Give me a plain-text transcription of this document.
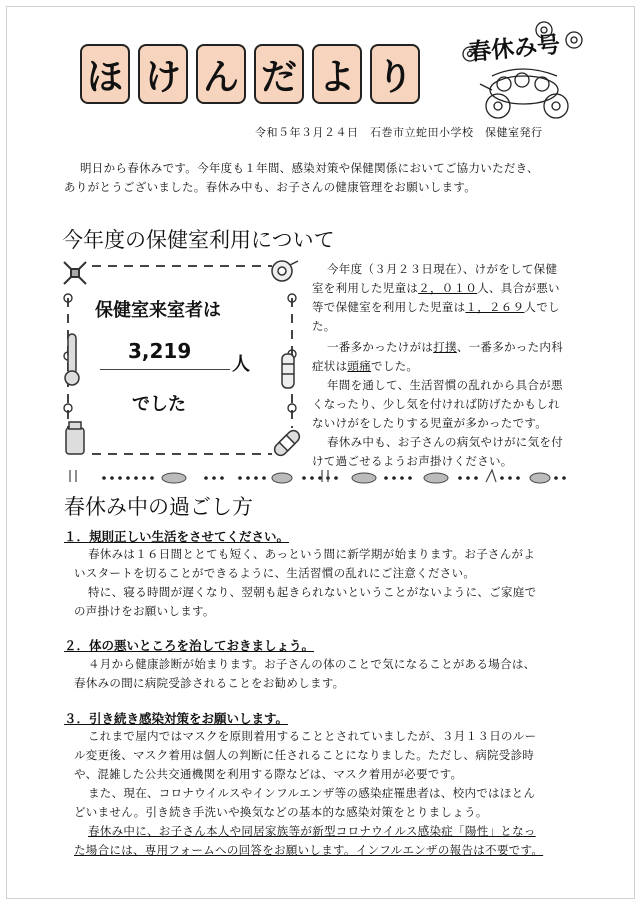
ほ け ん だ よ り
春休み号
令和５年３月２４日　石巻市立蛇田小学校　保健室発行
明日から春休みです。今年度も１年間、感染対策や保健関係においてご協力いただき、
ありがとうございました。春休み中も、お子さんの健康管理をお願いします。
今年度の保健室利用について
保健室来室者は
3,219
人
でした
今年度（３月２３日現在）、けがをして保健
室を利用した児童は２，０１０人、具合が悪い
等で保健室を利用した児童は１，２６９人でし
た。
一番多かったけがは打撲、一番多かった内科
症状は頭痛でした。
年間を通して、生活習慣の乱れから具合が悪
くなったり、少し気を付ければ防げたかもしれ
ないけがをしたりする児童が多かったです。
春休み中も、お子さんの病気やけがに気を付
けて過ごせるようお声掛けください。
春休み中の過ごし方
１．規則正しい生活をさせてください。
春休みは１６日間ととても短く、あっという間に新学期が始まります。お子さんがよ
いスタートを切ることができるように、生活習慣の乱れにご注意ください。
特に、寝る時間が遅くなり、翌朝も起きられないということがないように、ご家庭で
の声掛けをお願いします。
２．体の悪いところを治しておきましょう。
４月から健康診断が始まります。お子さんの体のことで気になることがある場合は、
春休みの間に病院受診されることをお勧めします。
３．引き続き感染対策をお願いします。
これまで屋内ではマスクを原則着用することとされていましたが、３月１３日のルー
ル変更後、マスク着用は個人の判断に任されることになりました。ただし、病院受診時
や、混雑した公共交通機関を利用する際などは、マスク着用が必要です。
また、現在、コロナウイルスやインフルエンザ等の感染症罹患者は、校内ではほとん
どいません。引き続き手洗いや換気などの基本的な感染対策をとりましょう。
春休み中に、お子さん本人や同居家族等が新型コロナウイルス感染症「陽性」となっ
た場合には、専用フォームへの回答をお願いします。インフルエンザの報告は不要です。
